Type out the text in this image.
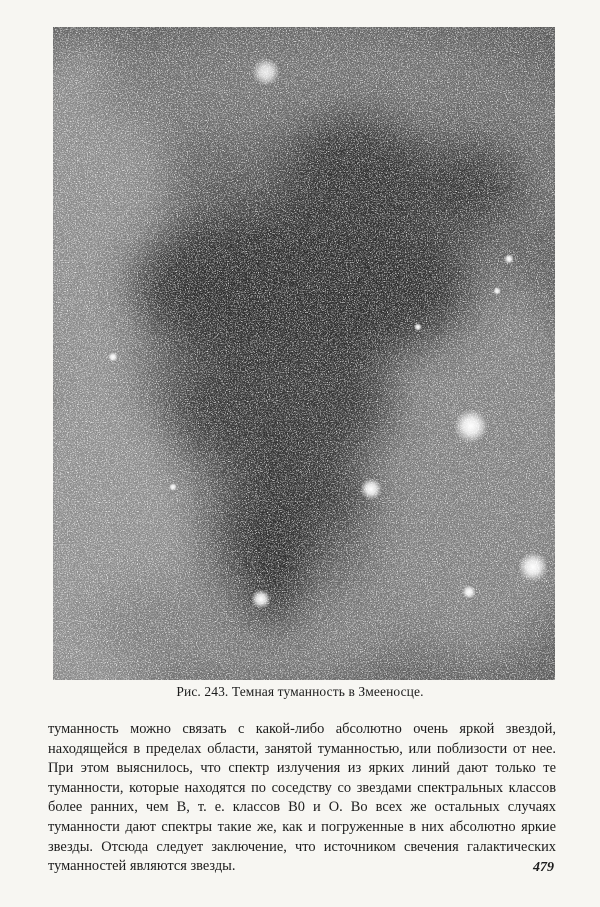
Рис. 243. Темная туманность в Змееносце.

туманность можно связать с какой-либо абсолютно очень яркой звездой, находящейся в пределах области, занятой туманностью, или поблизости от нее. При этом выяснилось, что спектр излучения из ярких линий дают только те туманности, которые находятся по соседству со звездами спектральных классов более ранних, чем B, т. е. классов B0 и O. Во всех же остальных случаях туманности дают спектры такие же, как и погруженные в них абсолютно яркие звезды. Отсюда следует заключение, что источником свечения галактических туманностей являются звезды.	479
